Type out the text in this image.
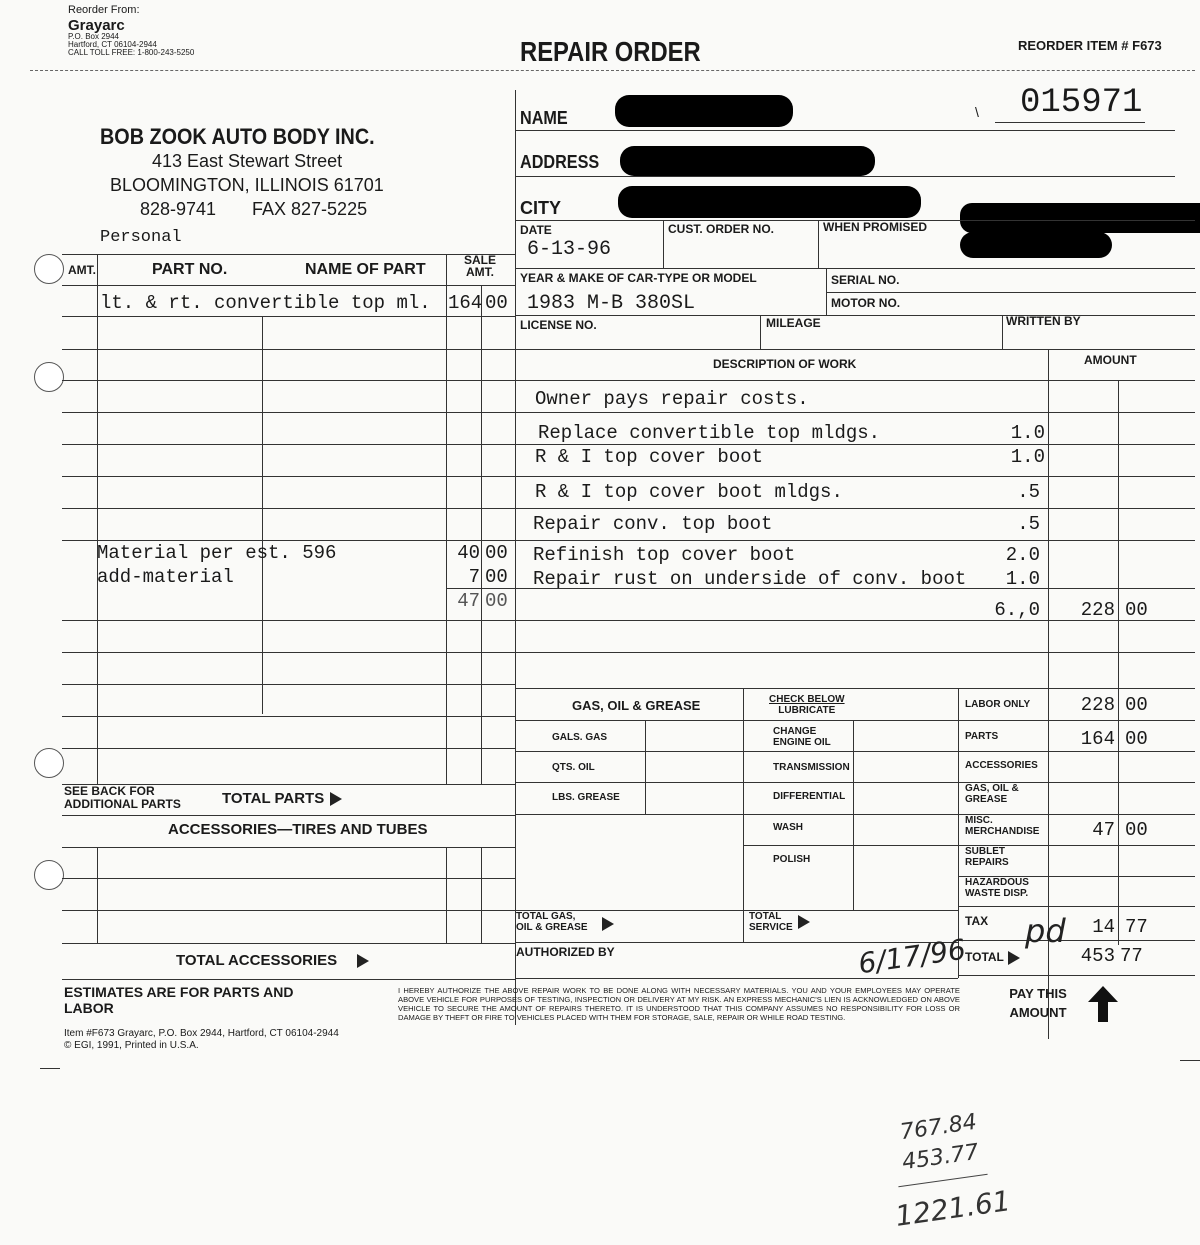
Reorder From:
Grayarc
P.O. Box 2944
Hartford, CT 06104-2944
CALL TOLL FREE: 1-800-243-5250	REPAIR ORDER	REORDER ITEM # F673
BOB ZOOK AUTO BODY INC.
413 East Stewart Street
BLOOMINGTON, ILLINOIS 61701
828-9741 FAX 827-5225
Personal
\ 015971
NAME
ADDRESS
CITY
DATE
6-13-96
CUST. ORDER NO.	WHEN PROMISED
YEAR & MAKE OF CAR-TYPE OR MODEL
1983 M-B 380SL
SERIAL NO.
MOTOR NO.
LICENSE NO.	MILEAGE	WRITTEN BY
AMT.	PART NO.	NAME OF PART
SALE AMT.
lt. & rt. convertible top ml. 164 00
Material per est. 596	40 00
add-material	7 00
47 00
SEE BACK FOR ADDITIONAL PARTS	TOTAL PARTS
ACCESSORIES—TIRES AND TUBES
TOTAL ACCESSORIES
ESTIMATES ARE FOR PARTS AND LABOR
Item #F673 Grayarc, P.O. Box 2944, Hartford, CT 06104-2944
© EGI, 1991, Printed in U.S.A.
DESCRIPTION OF WORK	AMOUNT
Owner pays repair costs.
Replace convertible top mldgs.	1.0
R & I top cover boot	1.0
R & I top cover boot mldgs.	.5
Repair conv. top boot	.5
Refinish top cover boot	2.0
Repair rust on underside of conv. boot	1.0
6.,0	228 00
GAS, OIL & GREASE	CHECK BELOW
LUBRICATE
GALS. GAS
CHANGE ENGINE OIL
QTS. OIL	TRANSMISSION
LBS. GREASE	DIFFERENTIAL
WASH
POLISH
TOTAL GAS, OIL & GREASE
TOTAL SERVICE
AUTHORIZED BY
I HEREBY AUTHORIZE THE ABOVE REPAIR WORK TO BE DONE ALONG WITH NECESSARY MATERIALS. YOU AND YOUR EMPLOYEES MAY OPERATE ABOVE VEHICLE FOR PURPOSES OF TESTING, INSPECTION OR DELIVERY AT MY RISK. AN EXPRESS MECHANIC'S LIEN IS ACKNOWLEDGED ON ABOVE VEHICLE TO SECURE THE AMOUNT OF REPAIRS THERETO. IT IS UNDERSTOOD THAT THIS COMPANY ASSUMES NO RESPONSIBILITY FOR LOSS OR DAMAGE BY THEFT OR FIRE TO VEHICLES PLACED WITH THEM FOR STORAGE, SALE, REPAIR OR WHILE ROAD TESTING.
LABOR ONLY	228 00
PARTS	164 00
ACCESSORIES
GAS, OIL & GREASE
MISC. MERCHANDISE	47 00
SUBLET REPAIRS
HAZARDOUS WASTE DISP.
TAX	14 77
TOTAL	453 77
PAY THIS AMOUNT
6/17/96
pd
767.84
453.77
1221.61
